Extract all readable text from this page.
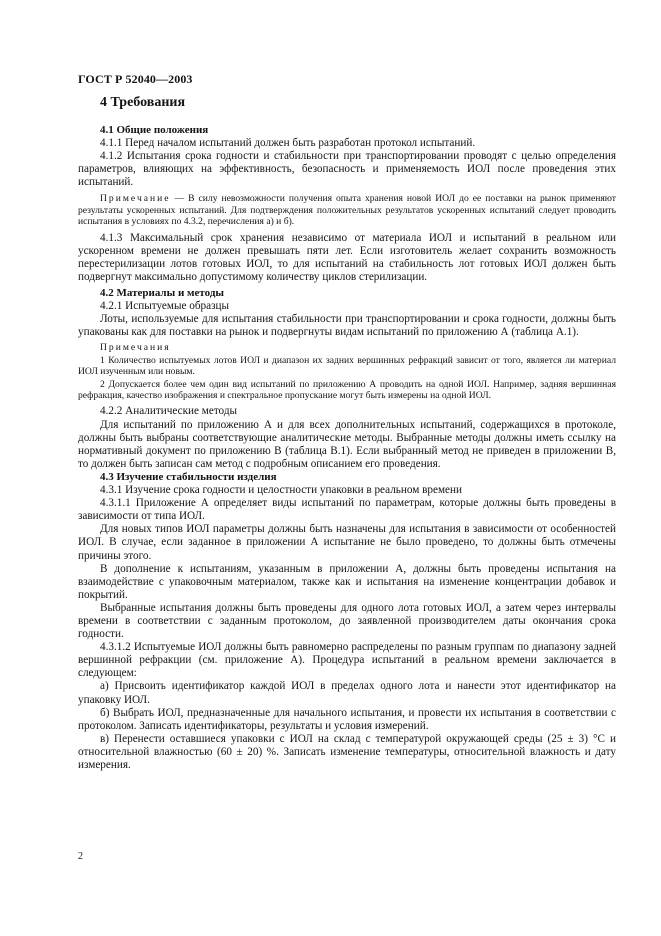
ГОСТ Р 52040—2003
4 Требования
4.1 Общие положения

4.1.1 Перед началом испытаний должен быть разработан протокол испытаний.

4.1.2 Испытания срока годности и стабильности при транспортировании проводят с целью определения параметров, влияющих на эффективность, безопасность и применяемость ИОЛ после проведения этих испытаний.

Примечание — В силу невозможности получения опыта хранения новой ИОЛ до ее поставки на рынок применяют результаты ускоренных испытаний. Для подтверждения положительных результатов ускоренных испытаний следует проводить испытания в условиях по 4.3.2, перечисления а) и б).

4.1.3 Максимальный срок хранения независимо от материала ИОЛ и испытаний в реальном или ускоренном времени не должен превышать пяти лет. Если изготовитель желает сохранить возможность перестерилизации лотов готовых ИОЛ, то для испытаний на стабильность лот готовых ИОЛ должен быть подвергнут максимально допустимому количеству циклов стерилизации.

4.2 Материалы и методы

4.2.1 Испытуемые образцы

Лоты, используемые для испытания стабильности при транспортировании и срока годности, должны быть упакованы как для поставки на рынок и подвергнуты видам испытаний по приложению А (таблица А.1).

Примечания

1 Количество испытуемых лотов ИОЛ и диапазон их задних вершинных рефракций зависит от того, является ли материал ИОЛ изученным или новым.

2 Допускается более чем один вид испытаний по приложению А проводить на одной ИОЛ. Например, задняя вершинная рефракция, качество изображения и спектральное пропускание могут быть измерены на одной ИОЛ.

4.2.2 Аналитические методы

Для испытаний по приложению А и для всех дополнительных испытаний, содержащихся в протоколе, должны быть выбраны соответствующие аналитические методы. Выбранные методы должны иметь ссылку на нормативный документ по приложению В (таблица В.1). Если выбранный метод не приведен в приложении В, то должен быть записан сам метод с подробным описанием его проведения.

4.3 Изучение стабильности изделия

4.3.1 Изучение срока годности и целостности упаковки в реальном времени

4.3.1.1 Приложение А определяет виды испытаний по параметрам, которые должны быть проведены в зависимости от типа ИОЛ.

Для новых типов ИОЛ параметры должны быть назначены для испытания в зависимости от особенностей ИОЛ. В случае, если заданное в приложении А испытание не было проведено, то должны быть отмечены причины этого.

В дополнение к испытаниям, указанным в приложении А, должны быть проведены испытания на взаимодействие с упаковочным материалом, также как и испытания на изменение концентрации добавок и покрытий.

Выбранные испытания должны быть проведены для одного лота готовых ИОЛ, а затем через интервалы времени в соответствии с заданным протоколом, до заявленной производителем даты окончания срока годности.

4.3.1.2 Испытуемые ИОЛ должны быть равномерно распределены по разным группам по диапазону задней вершинной рефракции (см. приложение А). Процедура испытаний в реальном времени заключается в следующем:

а) Присвоить идентификатор каждой ИОЛ в пределах одного лота и нанести этот идентификатор на упаковку ИОЛ.

б) Выбрать ИОЛ, предназначенные для начального испытания, и провести их испытания в соответствии с протоколом. Записать идентификаторы, результаты и условия измерений.

в) Перенести оставшиеся упаковки с ИОЛ на склад с температурой окружающей среды (25 ± 3) °С и относительной влажностью (60 ± 20) %. Записать изменение температуры, относительной влажность и дату измерения.

2
